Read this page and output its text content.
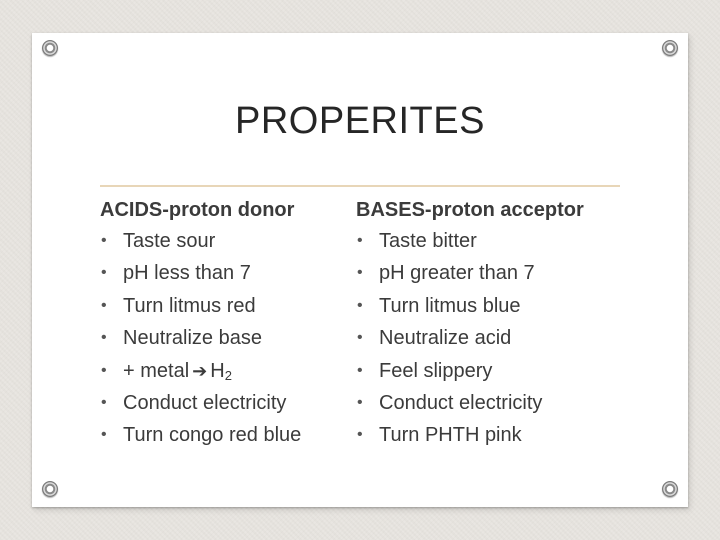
PROPERITES
ACIDS-proton donor
• Taste sour
• pH less than 7
• Turn litmus red
• Neutralize base
• + metal ➔ $H_2$
• Conduct electricity
• Turn congo red blue
BASES-proton acceptor
• Taste bitter
• pH greater than 7
• Turn litmus blue
• Neutralize acid
• Feel slippery
• Conduct electricity
• Turn PHTH pink
